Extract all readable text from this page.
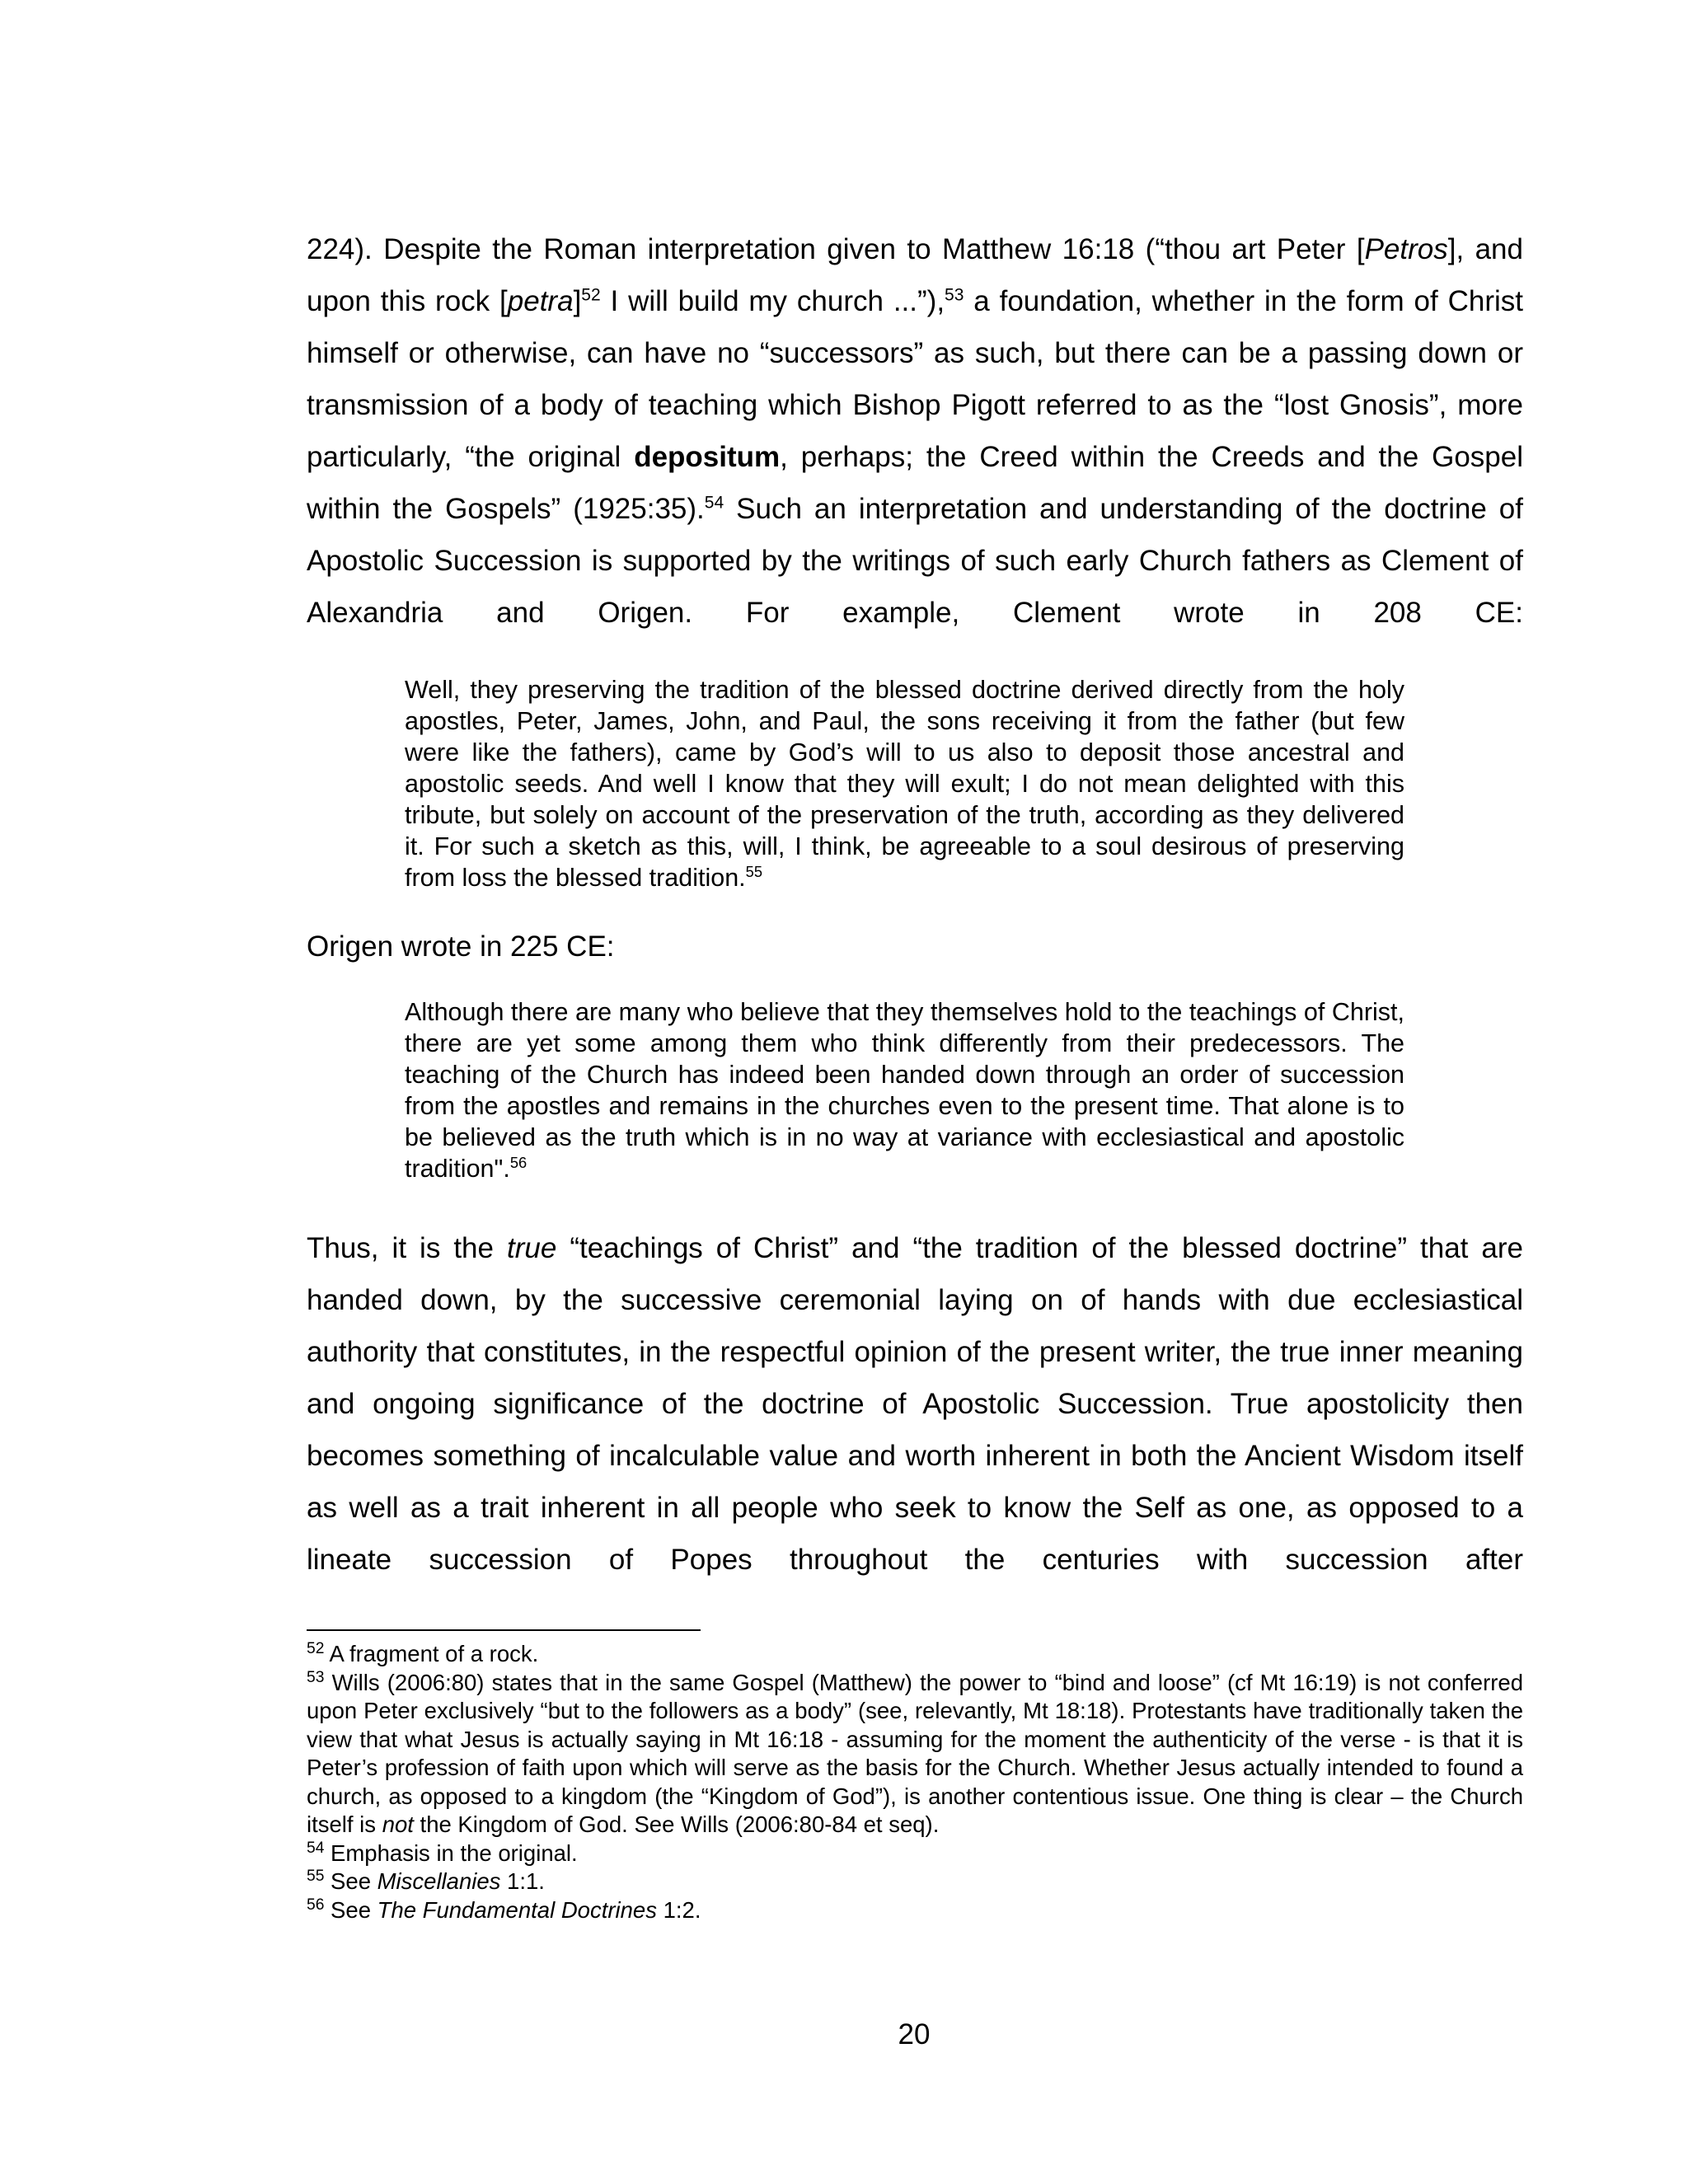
224). Despite the Roman interpretation given to Matthew 16:18 (“thou art Peter [Petros], and upon this rock [petra]$^{52}$ I will build my church ...”),$^{53}$ a foundation, whether in the form of Christ himself or otherwise, can have no “successors” as such, but there can be a passing down or transmission of a body of teaching which Bishop Pigott referred to as the “lost Gnosis”, more particularly, “the original depositum, perhaps; the Creed within the Creeds and the Gospel within the Gospels” (1925:35).$^{54}$ Such an interpretation and understanding of the doctrine of Apostolic Succession is supported by the writings of such early Church fathers as Clement of Alexandria and Origen. For example, Clement wrote in 208 CE:

Well, they preserving the tradition of the blessed doctrine derived directly from the holy apostles, Peter, James, John, and Paul, the sons receiving it from the father (but few were like the fathers), came by God’s will to us also to deposit those ancestral and apostolic seeds. And well I know that they will exult; I do not mean delighted with this tribute, but solely on account of the preservation of the truth, according as they delivered it. For such a sketch as this, will, I think, be agreeable to a soul desirous of preserving from loss the blessed tradition.$^{55}$

Origen wrote in 225 CE:

Although there are many who believe that they themselves hold to the teachings of Christ, there are yet some among them who think differently from their predecessors. The teaching of the Church has indeed been handed down through an order of succession from the apostles and remains in the churches even to the present time. That alone is to be believed as the truth which is in no way at variance with ecclesiastical and apostolic tradition".$^{56}$

Thus, it is the true “teachings of Christ” and “the tradition of the blessed doctrine” that are handed down, by the successive ceremonial laying on of hands with due ecclesiastical authority that constitutes, in the respectful opinion of the present writer, the true inner meaning and ongoing significance of the doctrine of Apostolic Succession. True apostolicity then becomes something of incalculable value and worth inherent in both the Ancient Wisdom itself as well as a trait inherent in all people who seek to know the Self as one, as opposed to a lineate succession of Popes throughout the centuries with succession after

$^{52}$ A fragment of a rock.

$^{53}$ Wills (2006:80) states that in the same Gospel (Matthew) the power to “bind and loose” (cf Mt 16:19) is not conferred upon Peter exclusively “but to the followers as a body” (see, relevantly, Mt 18:18). Protestants have traditionally taken the view that what Jesus is actually saying in Mt 16:18 - assuming for the moment the authenticity of the verse - is that it is Peter’s profession of faith upon which will serve as the basis for the Church. Whether Jesus actually intended to found a church, as opposed to a kingdom (the “Kingdom of God”), is another contentious issue. One thing is clear – the Church itself is not the Kingdom of God. See Wills (2006:80-84 et seq).

$^{54}$ Emphasis in the original.

$^{55}$ See Miscellanies 1:1.

$^{56}$ See The Fundamental Doctrines 1:2.

20
